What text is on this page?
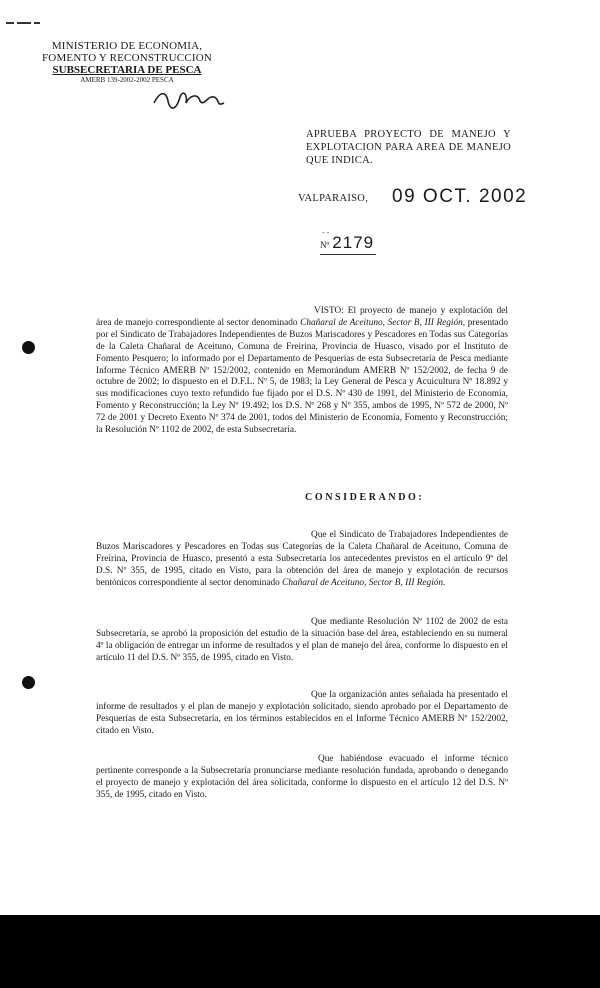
MINISTERIO DE ECONOMIA,
FOMENTO Y RECONSTRUCCION
SUBSECRETARIA DE PESCA
AMERB 139-2002-2002 PESCA
APRUEBA PROYECTO DE MANEJO Y EXPLOTACION PARA AREA DE MANEJO QUE INDICA.
VALPARAISO, 09 OCT. 2002
- -
Nº 2179
VISTO: El proyecto de manejo y explotación del área de manejo correspondiente al sector denominado Chañaral de Aceituno, Sector B, III Región, presentado por el Sindicato de Trabajadores Independientes de Buzos Mariscadores y Pescadores en Todas sus Categorías de la Caleta Chañaral de Aceituno, Comuna de Freirina, Provincia de Huasco, visado por el Instituto de Fomento Pesquero; lo informado por el Departamento de Pesquerías de esta Subsecretaría de Pesca mediante Informe Técnico AMERB Nº 152/2002, contenido en Memorándum AMERB Nº 152/2002, de fecha 9 de octubre de 2002; lo dispuesto en el D.F.L. Nº 5, de 1983; la Ley General de Pesca y Acuicultura Nº 18.892 y sus modificaciones cuyo texto refundido fue fijado por el D.S. Nº 430 de 1991, del Ministerio de Economía, Fomento y Reconstrucción; la Ley Nº 19.492; los D.S. Nº 268 y Nº 355, ambos de 1995, Nº 572 de 2000, Nº 72 de 2001 y Decreto Exento Nº 374 de 2001, todos del Ministerio de Economía, Fomento y Reconstrucción; la Resolución Nº 1102 de 2002, de esta Subsecretaría.
CONSIDERANDO:
Que el Sindicato de Trabajadores Independientes de Buzos Mariscadores y Pescadores en Todas sus Categorías de la Caleta Chañaral de Aceituno, Comuna de Freirina, Provincia de Huasco, presentó a esta Subsecretaría los antecedentes previstos en el artículo 9º del D.S. Nº 355, de 1995, citado en Visto, para la obtención del área de manejo y explotación de recursos bentónicos correspondiente al sector denominado Chañaral de Aceituno, Sector B, III Región.
Que mediante Resolución Nº 1102 de 2002 de esta Subsecretaría, se aprobó la proposición del estudio de la situación base del área, estableciendo en su numeral 4º la obligación de entregar un informe de resultados y el plan de manejo del área, conforme lo dispuesto en el artículo 11 del D.S. Nº 355, de 1995, citado en Visto.
Que la organización antes señalada ha presentado el informe de resultados y el plan de manejo y explotación solicitado, siendo aprobado por el Departamento de Pesquerías de esta Subsecretaría, en los términos establecidos en el Informe Técnico AMERB Nº 152/2002, citado en Visto.
Que habiéndose evacuado el informe técnico pertinente corresponde a la Subsecretaría pronunciarse mediante resolución fundada, aprobando o denegando el proyecto de manejo y explotación del área solicitada, conforme lo dispuesto en el artículo 12 del D.S. Nº 355, de 1995, citado en Visto.
